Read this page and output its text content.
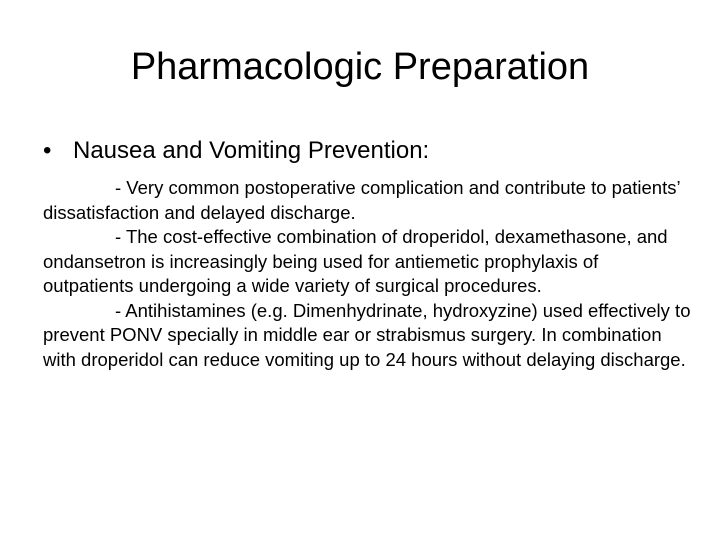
Pharmacologic Preparation
• Nausea and Vomiting Prevention:

- Very common postoperative complication and contribute to patients’ dissatisfaction and delayed discharge.

- The cost-effective combination of droperidol, dexamethasone, and ondansetron is increasingly being used for antiemetic prophylaxis of outpatients undergoing a wide variety of surgical procedures.

- Antihistamines (e.g. Dimenhydrinate, hydroxyzine) used effectively to prevent PONV specially in middle ear or strabismus surgery. In combination with droperidol can reduce vomiting up to 24 hours without delaying discharge.
